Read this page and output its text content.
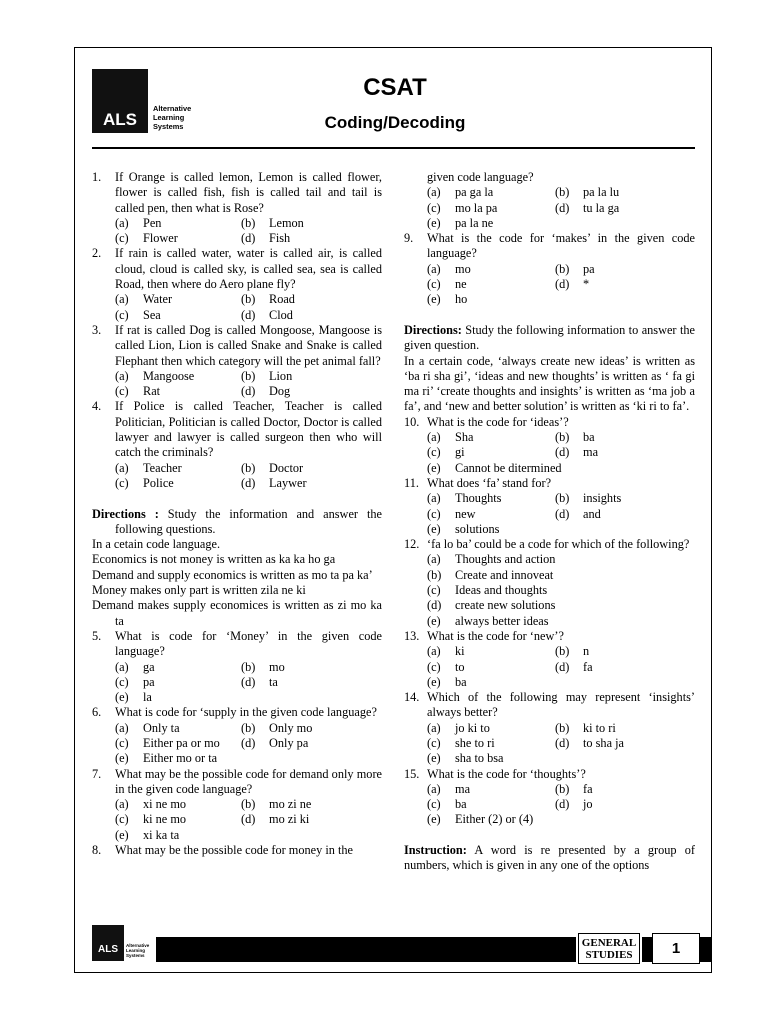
ALS
Alternative
Learning
Systems
CSAT
Coding/Decoding
1. If Orange is called lemon, Lemon is called flower, flower is called fish, fish is called tail and tail is called pen, then what is Rose?
(a) Pen	(b) Lemon
(c) Flower	(d) Fish
2. If rain is called water, water is called air, is called cloud, cloud is called sky, is called sea, sea is called Road, then where do Aero plane fly?
(a) Water	(b) Road
(c) Sea	(d) Clod
3. If rat is called Dog is called Mongoose, Mangoose is called Lion, Lion is called Snake and Snake is called Flephant then which category will the pet animal fall?
(a) Mangoose	(b) Lion
(c) Rat	(d) Dog
4. If Police is called Teacher, Teacher is called Politician, Politician is called Doctor, Doctor is called lawyer and lawyer is called surgeon then who will catch the criminals?
(a) Teacher	(b) Doctor
(c) Police	(d) Laywer
Directions : Study the information and answer the following questions.
In a cetain code language.
Economics is not money is written as ka ka ho ga
Demand and supply economics is written as mo ta pa ka’
Money makes only part is written zila ne ki
Demand makes supply economices is written as zi mo ka ta
5. What is code for ‘Money’ in the given code language?
(a) ga	(b) mo
(c) pa	(d) ta
(e) la
6. What is code for ‘supply in the given code language?
(a) Only ta	(b) Only mo
(c) Either pa or mo (d) Only pa
(e) Either mo or ta
7. What may be the possible code for demand only more in the given code language?
(a) xi ne mo	(b) mo zi ne
(c) ki ne mo	(d) mo zi ki
(e) xi ka ta
8. What may be the possible code for money in the
given code language?
(a) pa ga la	(b) pa la lu
(c) mo la pa	(d) tu la ga
(e) pa la ne
9. What is the code for ‘makes’ in the given code language?
(a) mo	(b) pa
(c) ne	(d) *
(e) ho
Directions: Study the following information to answer the given question.
In a certain code, ‘always create new ideas’ is written as ‘ba ri sha gi’, ‘ideas and new thoughts’ is written as ‘ fa gi ma ri’ ‘create thoughts and insights’ is written as ‘ma job a fa’, and ‘new and better solution’ is written as ‘ki ri to fa’.
10. What is the code for ‘ideas’?
(a) Sha	(b) ba
(c) gi	(d) ma
(e) Cannot be ditermined
11. What does ‘fa’ stand for?
(a) Thoughts	(b) insights
(c) new	(d) and
(e) solutions
12. ‘fa lo ba’ could be a code for which of the following?
(a) Thoughts and action
(b) Create and innoveat
(c) Ideas and thoughts
(d) create new solutions
(e) always better ideas
13. What is the code for ‘new’?
(a) ki	(b) n
(c) to	(d) fa
(e) ba
14. Which of the following may represent ‘insights’ always better?
(a) jo ki to	(b) ki to ri
(c) she to ri	(d) to sha ja
(e) sha to bsa
15. What is the code for ‘thoughts’?
(a) ma	(b) fa
(c) ba	(d) jo
(e) Either (2) or (4)
Instruction: A word is re presented by a group of numbers, which is given in any one of the options
ALS	Alternative
Learning
Systems
GENERAL
STUDIES	1
